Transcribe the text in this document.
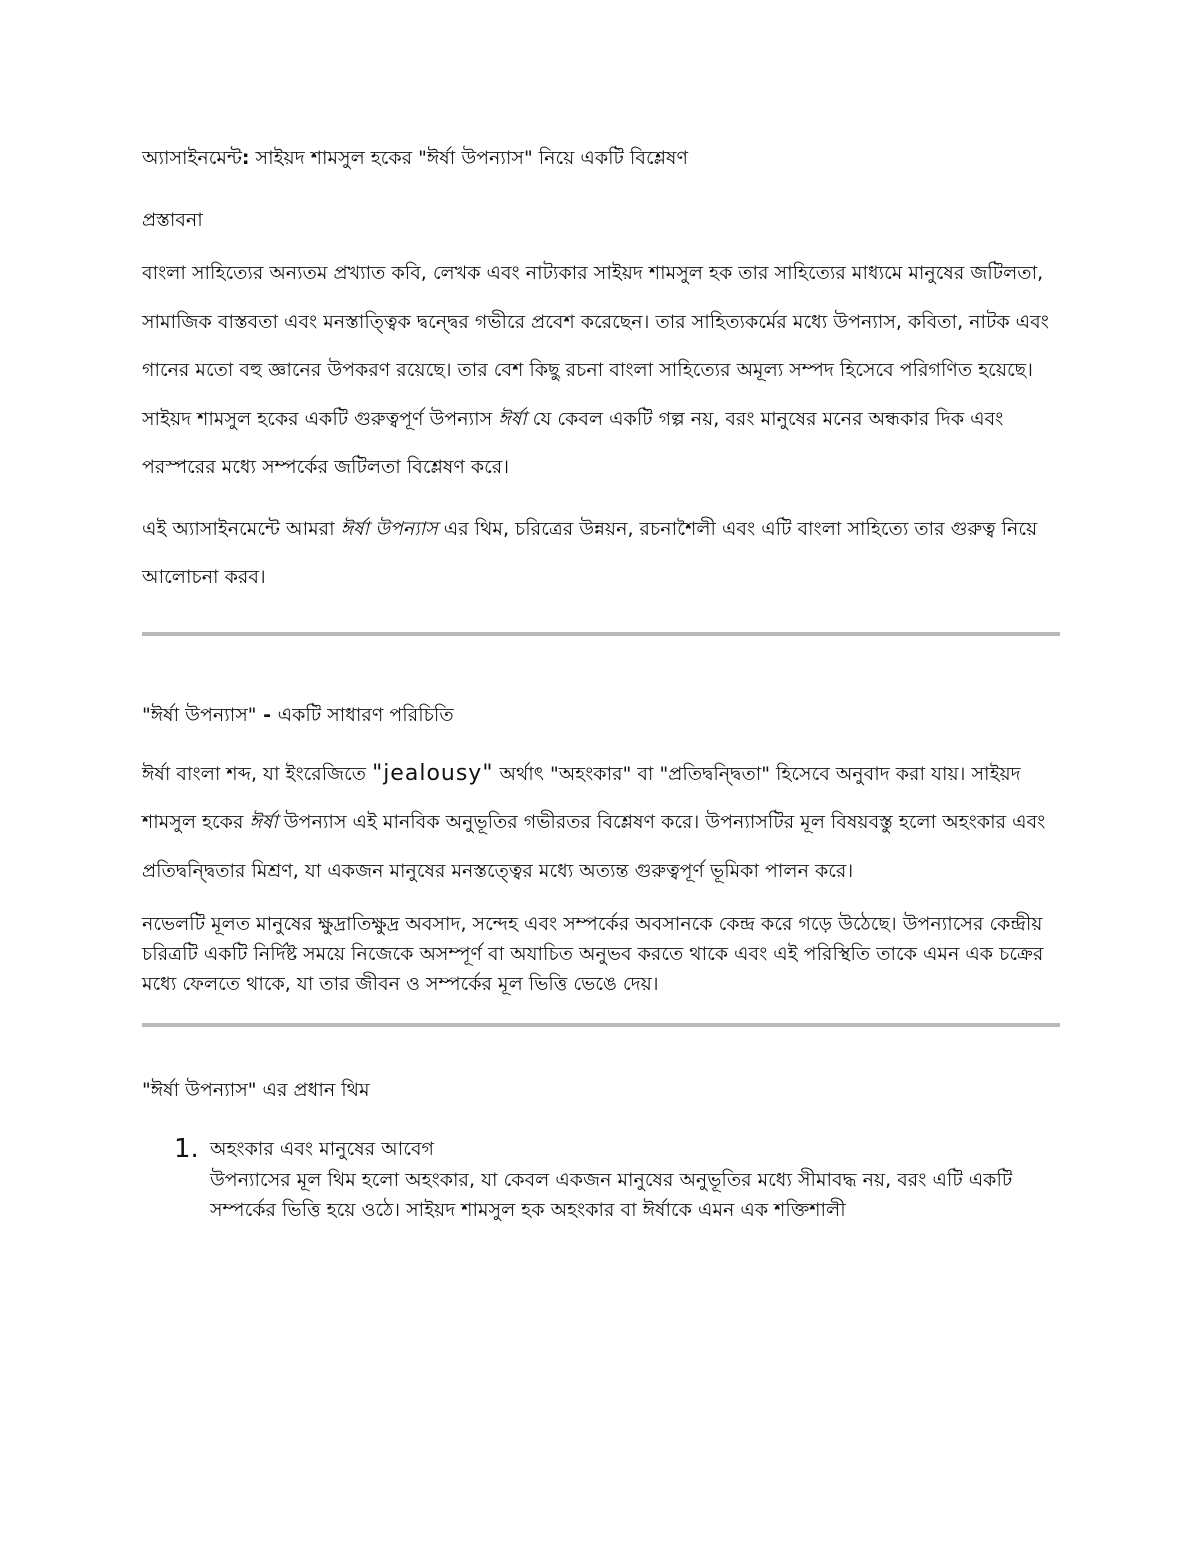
অ্যাসাইনমেন্ট: সাইয়দ শামসুল হকের "ঈর্ষা উপন্যাস" নিয়ে একটি বিশ্লেষণ

প্রস্তাবনা

বাংলা সাহিত্যের অন্যতম প্রখ্যাত কবি, লেখক এবং নাট্যকার সাইয়দ শামসুল হক তার সাহিত্যের মাধ্যমে মানুষের জটিলতা, সামাজিক বাস্তবতা এবং মনস্তাত্ত্বিক দ্বন্দ্বের গভীরে প্রবেশ করেছেন। তার সাহিত্যকর্মের মধ্যে উপন্যাস, কবিতা, নাটক এবং গানের মতো বহু জ্ঞানের উপকরণ রয়েছে। তার বেশ কিছু রচনা বাংলা সাহিত্যের অমূল্য সম্পদ হিসেবে পরিগণিত হয়েছে। সাইয়দ শামসুল হকের একটি গুরুত্বপূর্ণ উপন্যাস ঈর্ষা যে কেবল একটি গল্প নয়, বরং মানুষের মনের অন্ধকার দিক এবং পরস্পরের মধ্যে সম্পর্কের জটিলতা বিশ্লেষণ করে।

এই অ্যাসাইনমেন্টে আমরা ঈর্ষা উপন্যাস এর থিম, চরিত্রের উন্নয়ন, রচনাশৈলী এবং এটি বাংলা সাহিত্যে তার গুরুত্ব নিয়ে আলোচনা করব।

"ঈর্ষা উপন্যাস" - একটি সাধারণ পরিচিতি

ঈর্ষা বাংলা শব্দ, যা ইংরেজিতে "jealousy" অর্থাৎ "অহংকার" বা "প্রতিদ্বন্দ্বিতা" হিসেবে অনুবাদ করা যায়। সাইয়দ শামসুল হকের ঈর্ষা উপন্যাস এই মানবিক অনুভূতির গভীরতর বিশ্লেষণ করে। উপন্যাসটির মূল বিষয়বস্তু হলো অহংকার এবং প্রতিদ্বন্দ্বিতার মিশ্রণ, যা একজন মানুষের মনস্তত্ত্বের মধ্যে অত্যন্ত গুরুত্বপূর্ণ ভূমিকা পালন করে।

নভেলটি মূলত মানুষের ক্ষুদ্রাতিক্ষুদ্র অবসাদ, সন্দেহ এবং সম্পর্কের অবসানকে কেন্দ্র করে গড়ে উঠেছে। উপন্যাসের কেন্দ্রীয় চরিত্রটি একটি নির্দিষ্ট সময়ে নিজেকে অসম্পূর্ণ বা অযাচিত অনুভব করতে থাকে এবং এই পরিস্থিতি তাকে এমন এক চক্রের মধ্যে ফেলতে থাকে, যা তার জীবন ও সম্পর্কের মূল ভিত্তি ভেঙে দেয়।

"ঈর্ষা উপন্যাস" এর প্রধান থিম

1. অহংকার এবং মানুষের আবেগ

উপন্যাসের মূল থিম হলো অহংকার, যা কেবল একজন মানুষের অনুভূতির মধ্যে সীমাবদ্ধ নয়, বরং এটি একটি সম্পর্কের ভিত্তি হয়ে ওঠে। সাইয়দ শামসুল হক অহংকার বা ঈর্ষাকে এমন এক শক্তিশালী
